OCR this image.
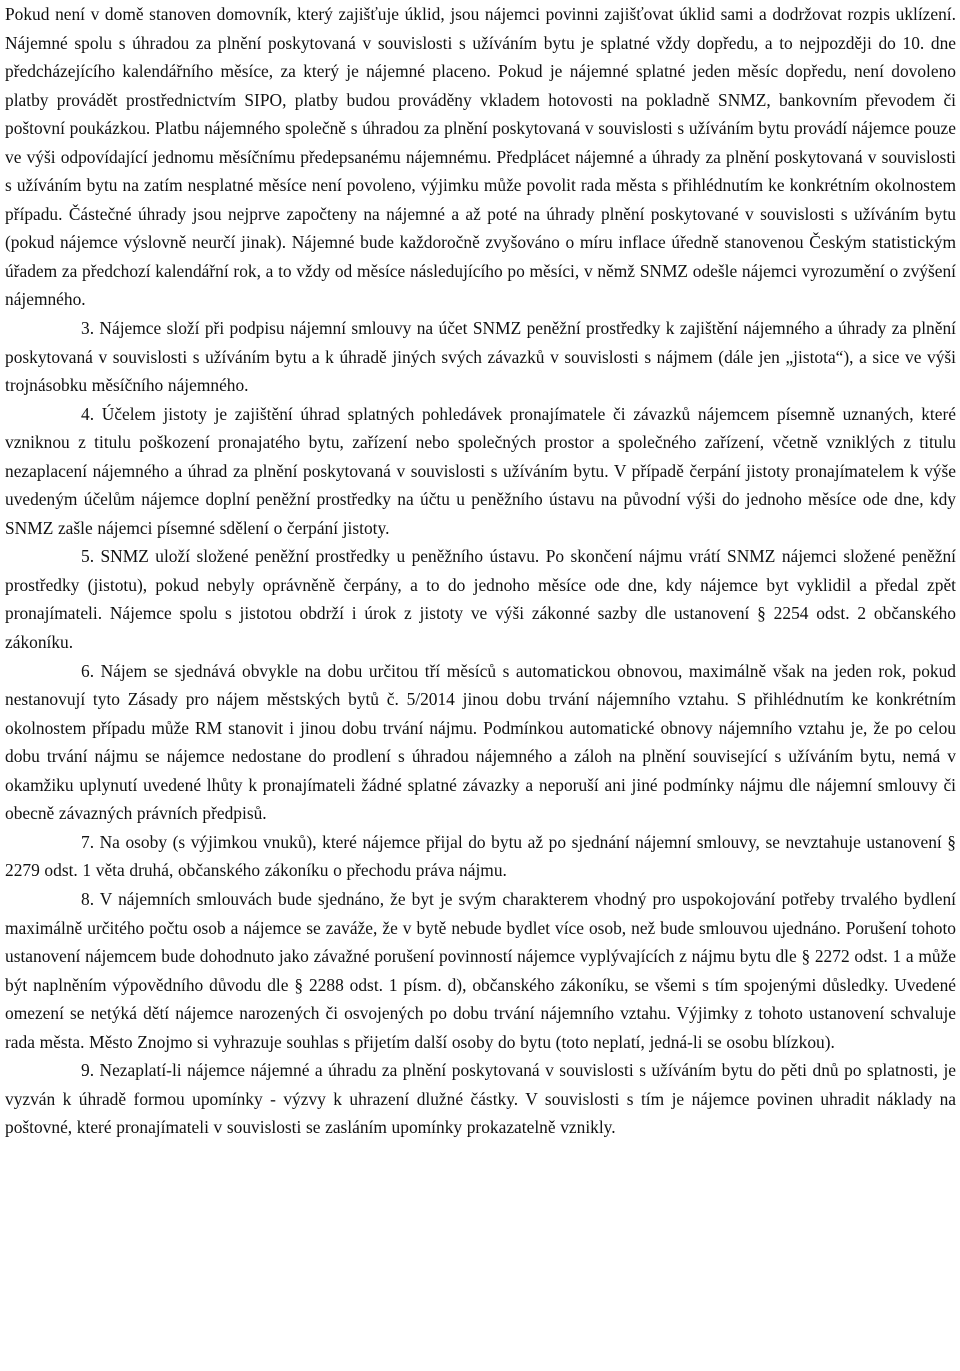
Pokud není v domě stanoven domovník, který zajišťuje úklid, jsou nájemci povinni zajišťovat úklid sami a dodržovat rozpis uklízení. Nájemné spolu s úhradou za plnění poskytovaná v souvislosti s užíváním bytu je splatné vždy dopředu, a to nejpozději do 10. dne předcházejícího kalendářního měsíce, za který je nájemné placeno. Pokud je nájemné splatné jeden měsíc dopředu, není dovoleno platby provádět prostřednictvím SIPO, platby budou prováděny vkladem hotovosti na pokladně SNMZ, bankovním převodem či poštovní poukázkou. Platbu nájemného společně s úhradou za plnění poskytovaná v souvislosti s užíváním bytu provádí nájemce pouze ve výši odpovídající jednomu měsíčnímu předepsanému nájemnému. Předplácet nájemné a úhrady za plnění poskytovaná v souvislosti s užíváním bytu na zatím nesplatné měsíce není povoleno, výjimku může povolit rada města s přihlédnutím ke konkrétním okolnostem případu. Částečné úhrady jsou nejprve započteny na nájemné a až poté na úhrady plnění poskytované v souvislosti s užíváním bytu (pokud nájemce výslovně neurčí jinak). Nájemné bude každoročně zvyšováno o míru inflace úředně stanovenou Českým statistickým úřadem za předchozí kalendářní rok, a to vždy od měsíce následujícího po měsíci, v němž SNMZ odešle nájemci vyrozumění o zvýšení nájemného.

3. Nájemce složí při podpisu nájemní smlouvy na účet SNMZ peněžní prostředky k zajištění nájemného a úhrady za plnění poskytovaná v souvislosti s užíváním bytu a k úhradě jiných svých závazků v souvislosti s nájmem (dále jen „jistota“), a sice ve výši trojnásobku měsíčního nájemného.

4. Účelem jistoty je zajištění úhrad splatných pohledávek pronajímatele či závazků nájemcem písemně uznaných, které vzniknou z titulu poškození pronajatého bytu, zařízení nebo společných prostor a společného zařízení, včetně vzniklých z titulu nezaplacení nájemného a úhrad za plnění poskytovaná v souvislosti s užíváním bytu. V případě čerpání jistoty pronajímatelem k výše uvedeným účelům nájemce doplní peněžní prostředky na účtu u peněžního ústavu na původní výši do jednoho měsíce ode dne, kdy SNMZ zašle nájemci písemné sdělení o čerpání jistoty.

5. SNMZ uloží složené peněžní prostředky u peněžního ústavu. Po skončení nájmu vrátí SNMZ nájemci složené peněžní prostředky (jistotu), pokud nebyly oprávněně čerpány, a to do jednoho měsíce ode dne, kdy nájemce byt vyklidil a předal zpět pronajímateli. Nájemce spolu s jistotou obdrží i úrok z jistoty ve výši zákonné sazby dle ustanovení § 2254 odst. 2 občanského zákoníku.

6. Nájem se sjednává obvykle na dobu určitou tří měsíců s automatickou obnovou, maximálně však na jeden rok, pokud nestanovují tyto Zásady pro nájem městských bytů č. 5/2014 jinou dobu trvání nájemního vztahu. S přihlédnutím ke konkrétním okolnostem případu může RM stanovit i jinou dobu trvání nájmu. Podmínkou automatické obnovy nájemního vztahu je, že po celou dobu trvání nájmu se nájemce nedostane do prodlení s úhradou nájemného a záloh na plnění související s užíváním bytu, nemá v okamžiku uplynutí uvedené lhůty k pronajímateli žádné splatné závazky a neporuší ani jiné podmínky nájmu dle nájemní smlouvy či obecně závazných právních předpisů.

7. Na osoby (s výjimkou vnuků), které nájemce přijal do bytu až po sjednání nájemní smlouvy, se nevztahuje ustanovení § 2279 odst. 1 věta druhá, občanského zákoníku o přechodu práva nájmu.

8. V nájemních smlouvách bude sjednáno, že byt je svým charakterem vhodný pro uspokojování potřeby trvalého bydlení maximálně určitého počtu osob a nájemce se zaváže, že v bytě nebude bydlet více osob, než bude smlouvou ujednáno. Porušení tohoto ustanovení nájemcem bude dohodnuto jako závažné porušení povinností nájemce vyplývajících z nájmu bytu dle § 2272 odst. 1 a může být naplněním výpovědního důvodu dle § 2288 odst. 1 písm. d), občanského zákoníku, se všemi s tím spojenými důsledky. Uvedené omezení se netýká dětí nájemce narozených či osvojených po dobu trvání nájemního vztahu. Výjimky z tohoto ustanovení schvaluje rada města. Město Znojmo si vyhrazuje souhlas s přijetím další osoby do bytu (toto neplatí, jedná-li se osobu blízkou).

9. Nezaplatí-li nájemce nájemné a úhradu za plnění poskytovaná v souvislosti s užíváním bytu do pěti dnů po splatnosti, je vyzván k úhradě formou upomínky - výzvy k uhrazení dlužné částky. V souvislosti s tím je nájemce povinen uhradit náklady na poštovné, které pronajímateli v souvislosti se zasláním upomínky prokazatelně vznikly.
